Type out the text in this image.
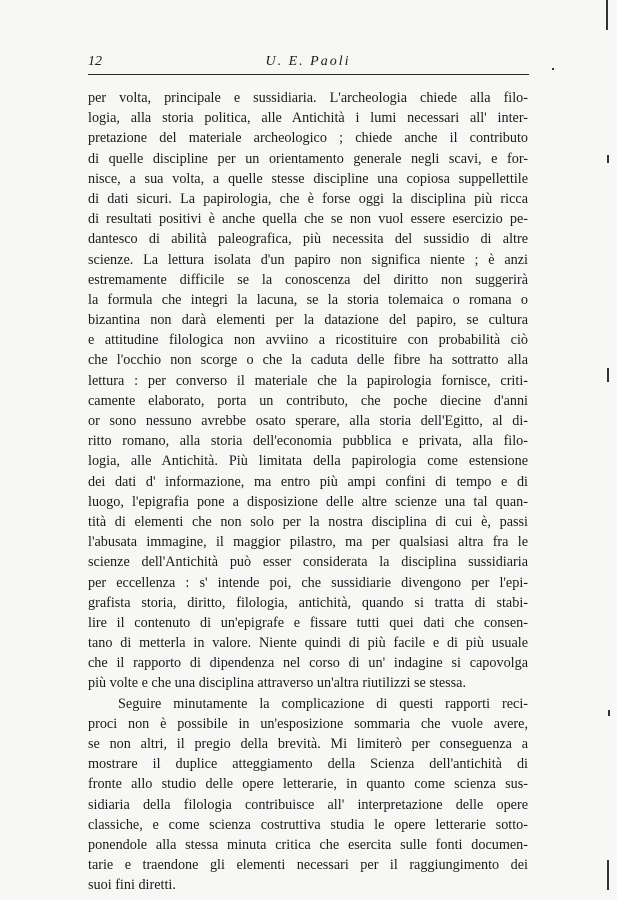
12	U. E. Paoli
per volta, principale e sussidiaria. L'archeologia chiede alla filo-
logia, alla storia politica, alle Antichità i lumi necessari all' inter-
pretazione del materiale archeologico ; chiede anche il contributo
di quelle discipline per un orientamento generale negli scavi, e for-
nisce, a sua volta, a quelle stesse discipline una copiosa suppellettile
di dati sicuri. La papirologia, che è forse oggi la disciplina più ricca
di resultati positivi è anche quella che se non vuol essere esercizio pe-
dantesco di abilità paleografica, più necessita del sussidio di altre
scienze. La lettura isolata d'un papiro non significa niente ; è anzi
estremamente difficile se la conoscenza del diritto non suggerirà
la formula che integri la lacuna, se la storia tolemaica o romana o
bizantina non darà elementi per la datazione del papiro, se cultura
e attitudine filologica non avviino a ricostituire con probabilità ciò
che l'occhio non scorge o che la caduta delle fibre ha sottratto alla
lettura : per converso il materiale che la papirologia fornisce, criti-
camente elaborato, porta un contributo, che poche diecine d'anni
or sono nessuno avrebbe osato sperare, alla storia dell'Egitto, al di-
ritto romano, alla storia dell'economia pubblica e privata, alla filo-
logia, alle Antichità. Più limitata della papirologia come estensione
dei dati d' informazione, ma entro più ampi confini di tempo e di
luogo, l'epigrafia pone a disposizione delle altre scienze una tal quan-
tità di elementi che non solo per la nostra disciplina di cui è, passi
l'abusata immagine, il maggior pilastro, ma per qualsiasi altra fra le
scienze dell'Antichità può esser considerata la disciplina sussidiaria
per eccellenza : s' intende poi, che sussidiarie divengono per l'epi-
grafista storia, diritto, filologia, antichità, quando si tratta di stabi-
lire il contenuto di un'epigrafe e fissare tutti quei dati che consen-
tano di metterla in valore. Niente quindi di più facile e di più usuale
che il rapporto di dipendenza nel corso di un' indagine si capovolga
più volte e che una disciplina attraverso un'altra riutilizzi se stessa.
Seguire minutamente la complicazione di questi rapporti reci-
proci non è possibile in un'esposizione sommaria che vuole avere,
se non altri, il pregio della brevità. Mi limiterò per conseguenza a
mostrare il duplice atteggiamento della Scienza dell'antichità di
fronte allo studio delle opere letterarie, in quanto come scienza sus-
sidiaria della filologia contribuisce all' interpretazione delle opere
classiche, e come scienza costruttiva studia le opere letterarie sotto-
ponendole alla stessa minuta critica che esercita sulle fonti documen-
tarie e traendone gli elementi necessari per il raggiungimento dei
suoi fini diretti.
